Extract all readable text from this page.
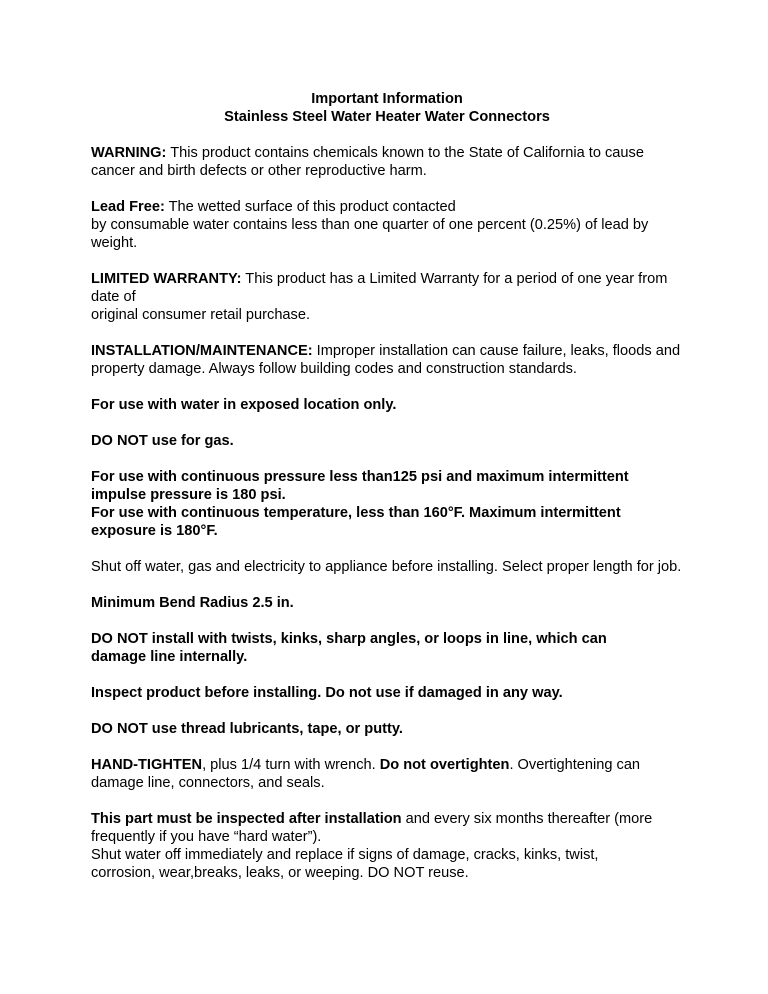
Important Information
Stainless Steel Water Heater Water Connectors

WARNING: This product contains chemicals known to the State of California to cause cancer and birth defects or other reproductive harm.

Lead Free: The wetted surface of this product contacted
by consumable water contains less than one quarter of one percent (0.25%) of lead by weight.

LIMITED WARRANTY: This product has a Limited Warranty for a period of one year from date of
original consumer retail purchase.

INSTALLATION/MAINTENANCE: Improper installation can cause failure, leaks, floods and property damage. Always follow building codes and construction standards.

For use with water in exposed location only.

DO NOT use for gas.

For use with continuous pressure less than125 psi and maximum intermittent impulse pressure is 180 psi.

For use with continuous temperature, less than 160°F. Maximum intermittent exposure is 180°F.

Shut off water, gas and electricity to appliance before installing. Select proper length for job.

Minimum Bend Radius 2.5 in.

DO NOT install with twists, kinks, sharp angles, or loops in line, which can damage line internally.

Inspect product before installing. Do not use if damaged in any way.

DO NOT use thread lubricants, tape, or putty.

HAND-TIGHTEN, plus 1/4 turn with wrench. Do not overtighten. Overtightening can damage line, connectors, and seals.

This part must be inspected after installation and every six months thereafter (more frequently if you have “hard water”).

Shut water off immediately and replace if signs of damage, cracks, kinks, twist, corrosion, wear,breaks, leaks, or weeping. DO NOT reuse.
